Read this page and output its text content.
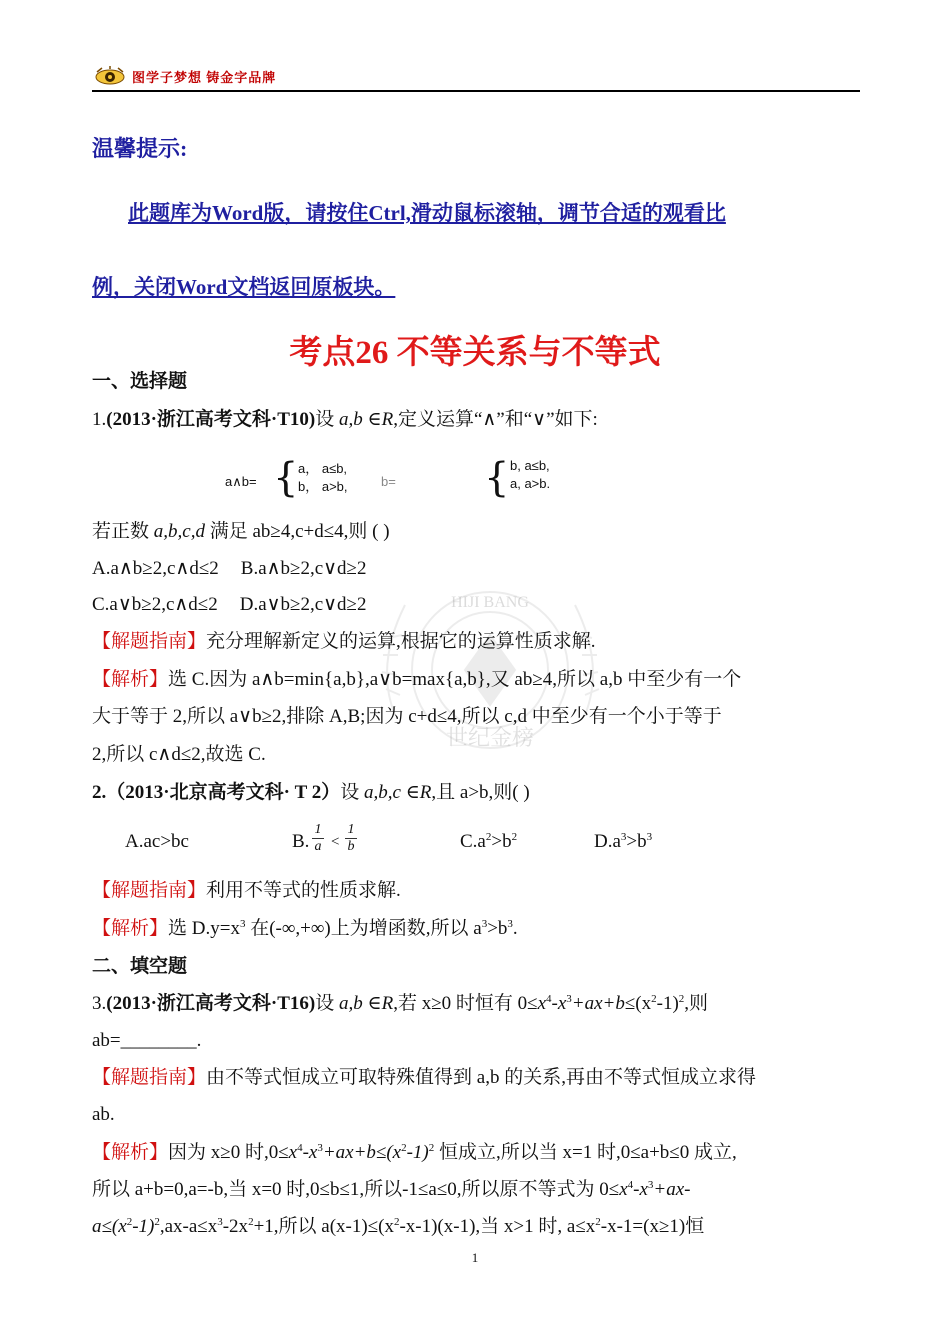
图学子梦想 铸金字品牌
温馨提示:
此题库为Word版，请按住Ctrl,滑动鼠标滚轴，调节合适的观看比
例，关闭Word文档返回原板块。
考点26 不等关系与不等式
HIJI BANG
世纪金榜
一、选择题
1.(2013·浙江高考文科·T10)设 a,b ∈R,定义运算“∧”和“∨”如下:
a∧b= { a， a≤b,
b， a>b,	b= { b, a≤b,
a, a>b.
若正数 a,b,c,d 满足 ab≥4,c+d≤4,则 ( )
A.a∧b≥2,c∧d≤2 B.a∧b≥2,c∨d≥2
C.a∨b≥2,c∧d≤2 D.a∨b≥2,c∨d≥2
【解题指南】充分理解新定义的运算,根据它的运算性质求解.
【解析】选 C.因为 a∧b=min{a,b},a∨b=max{a,b},又 ab≥4,所以 a,b 中至少有一个
大于等于 2,所以 a∨b≥2,排除 A,B;因为 c+d≤4,所以 c,d 中至少有一个小于等于
2,所以 c∧d≤2,故选 C.
2.（2013·北京高考文科· T 2）设 a,b,c ∈R,且 a>b,则( )
A.ac>bc	B.
1
a <
1
b	$C.a^2>b^2$	$D.a^3>b^3$
【解题指南】利用不等式的性质求解.
【解析】选 $D.y=x^3$ 在(-∞,+∞)上为增函数,所以 $a^3>b^3$.
二、填空题
3.(2013·浙江高考文科·T16)设 a,b ∈R,若 x≥0 时恒有 $0\le x^4-x^3+ax+b\le(x^2-1)^2$,则
ab=________.
【解题指南】由不等式恒成立可取特殊值得到 a,b 的关系,再由不等式恒成立求得
ab.
【解析】因为 x≥0 时$,0\le x^4-x^3+ax+b\le(x^2-1)^2$ 恒成立,所以当 x=1 时,0≤a+b≤0 成立,
所以 a+b=0,a=-b,当 x=0 时,0≤b≤1,所以-1≤a≤0,所以原不等式为 $0\le x^4-x^3+ax-$
$a\le(x^2-1)^2,ax-a\le x^3-2x^2+1$,所以 $a(x-1)\le(x^2-x-1)(x-1)$,当 x>1 时, $a\le x^2-x-1=(x\ge 1)$恒
1
